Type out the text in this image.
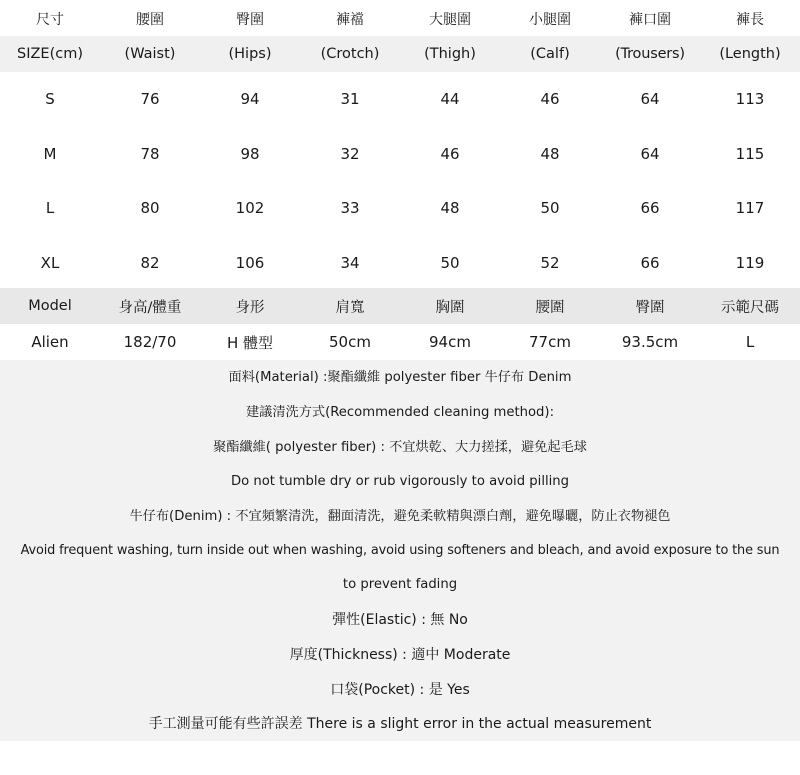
尺寸	腰圍	臀圍	褲襠	大腿圍	小腿圍	褲口圍	褲長
SIZE(cm)	(Waist)	(Hips)	(Crotch)	(Thigh)	(Calf)	(Trousers)	(Length)
S	76	94	31	44	46	64	113
M	78	98	32	46	48	64	115
L	80	102	33	48	50	66	117
XL	82	106	34	50	52	66	119
Model	身高/體重	身形	肩寬	胸圍	腰圍	臀圍	示範尺碼
Alien	182/70	H 體型	50cm	94cm	77cm	93.5cm	L
面料(Material) :聚酯纖維 polyester fiber 牛仔布 Denim
建議清洗方式(Recommended cleaning method):
聚酯纖維( polyester fiber) : 不宜烘乾、大力搓揉，避免起毛球
Do not tumble dry or rub vigorously to avoid pilling
牛仔布(Denim) : 不宜頻繁清洗，翻面清洗，避免柔軟精與漂白劑，避免曝曬，防止衣物褪色
Avoid frequent washing, turn inside out when washing, avoid using softeners and bleach, and avoid exposure to the sun
to prevent fading
彈性(Elastic) : 無 No
厚度(Thickness) : 適中 Moderate
口袋(Pocket) : 是 Yes
手工測量可能有些許誤差 There is a slight error in the actual measurement
